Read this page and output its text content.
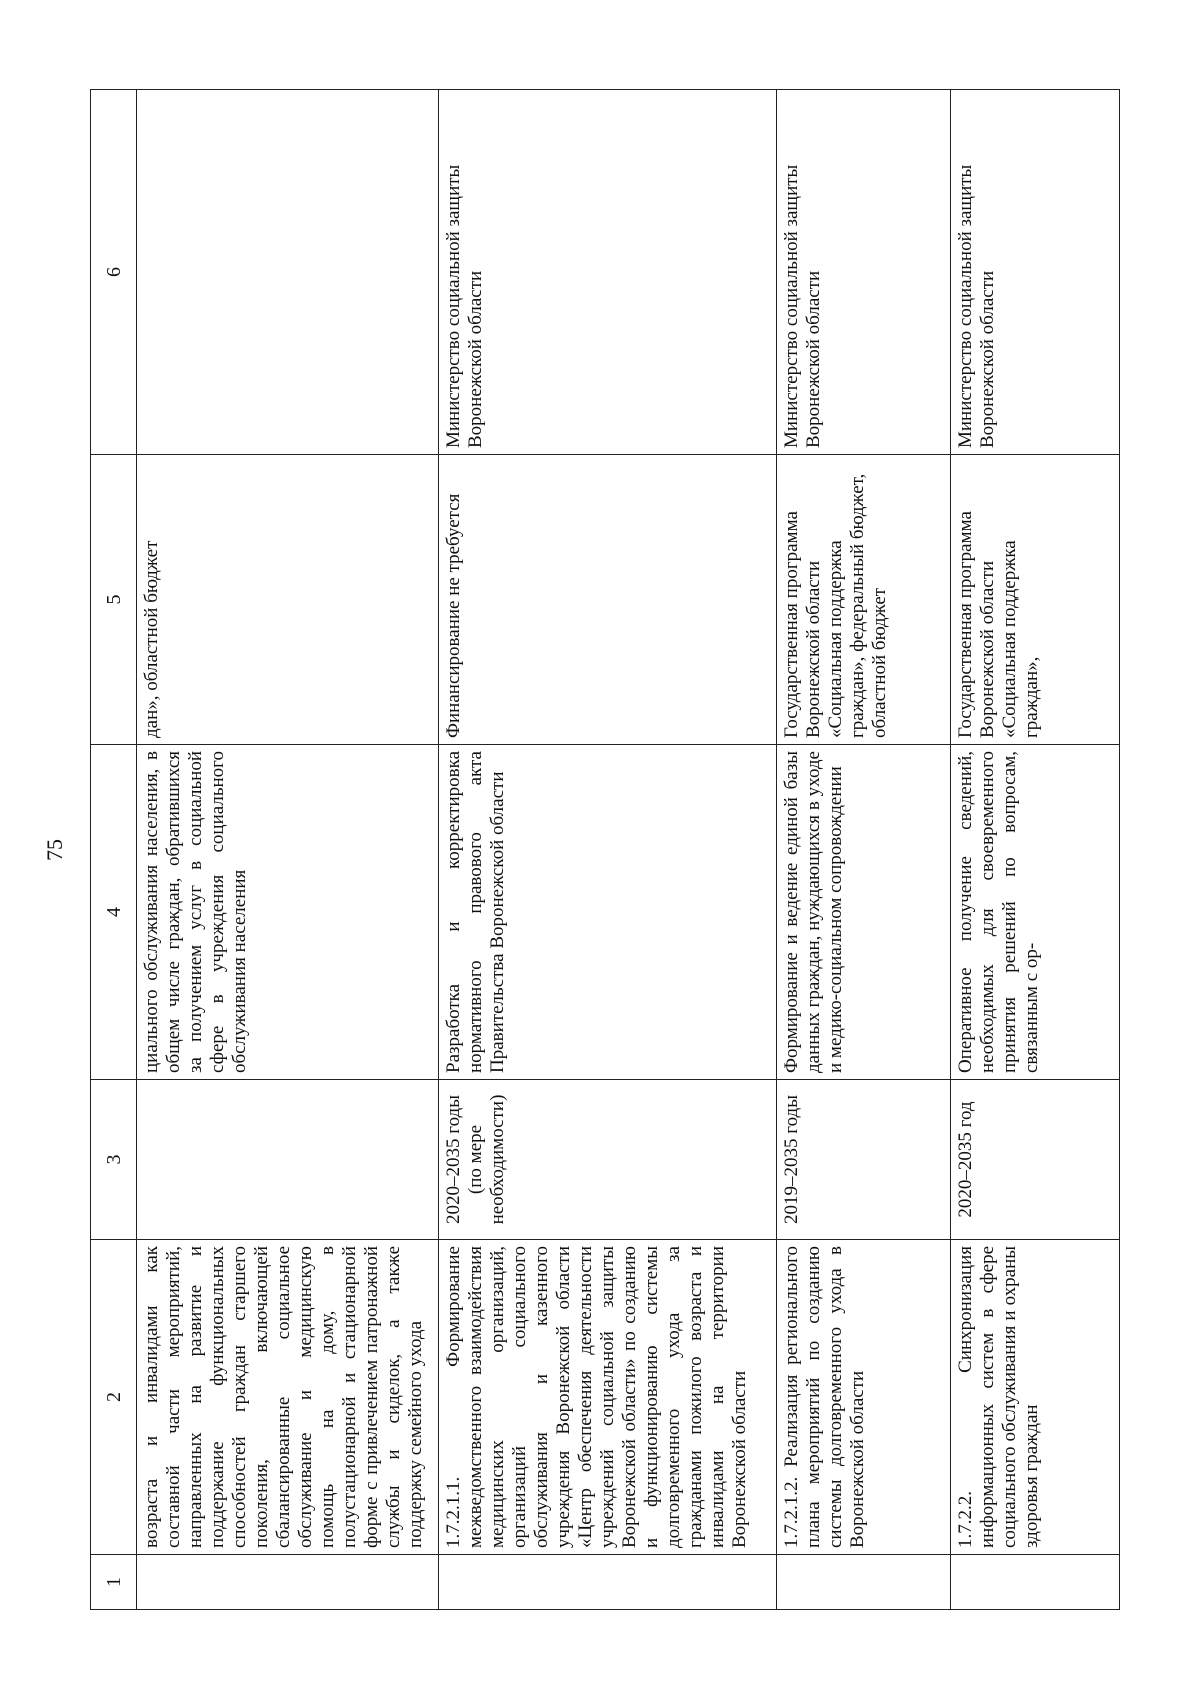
75
1	2	3	4	5	6
	возраста и инвалидами как составной части мероприятий, направленных на развитие и поддержание функциональных способностей граждан старшего поколения, включающей сбалансированные социальное обслуживание и медицинскую помощь на дому, в полустационарной и стационарной форме с привлечением патронажной службы и сиделок, а также поддержку семейного ухода		циального обслуживания населения, в общем числе граждан, обратившихся за получением услуг в социальной сфере в учреждения социального обслуживания населения	дан», областной бюджет	
	1.7.2.1.1. Формирование межведомственного взаимодействия медицинских организаций, организаций социального обслуживания и казенного учреждения Воронежской области «Центр обеспечения деятельности учреждений социальной защиты Воронежской области» по созданию и функционированию системы долговременного ухода за гражданами пожилого возраста и инвалидами на территории Воронежской области	2020–2035 годы (по мере необходимости)	Разработка и корректировка нормативного правового акта Правительства Воронежской области	Финансирование не требуется	Министерство социальной защиты Воронежской области
	1.7.2.1.2. Реализация регионального плана мероприятий по созданию системы долговременного ухода в Воронежской области	2019–2035 годы	Формирование и ведение единой базы данных граждан, нуждающихся в уходе и медико-социальном сопровождении	Государственная программа Воронежской области «Социальная поддержка граждан», федеральный бюджет, областной бюджет	Министерство социальной защиты Воронежской области
	1.7.2.2. Синхронизация информационных систем в сфере социального обслуживания и охраны здоровья граждан	2020–2035 год	Оперативное получение сведений, необходимых для своевременного принятия решений по вопросам, связанным с ор-	Государственная программа Воронежской области «Социальная поддержка граждан»,	Министерство социальной защиты Воронежской области
